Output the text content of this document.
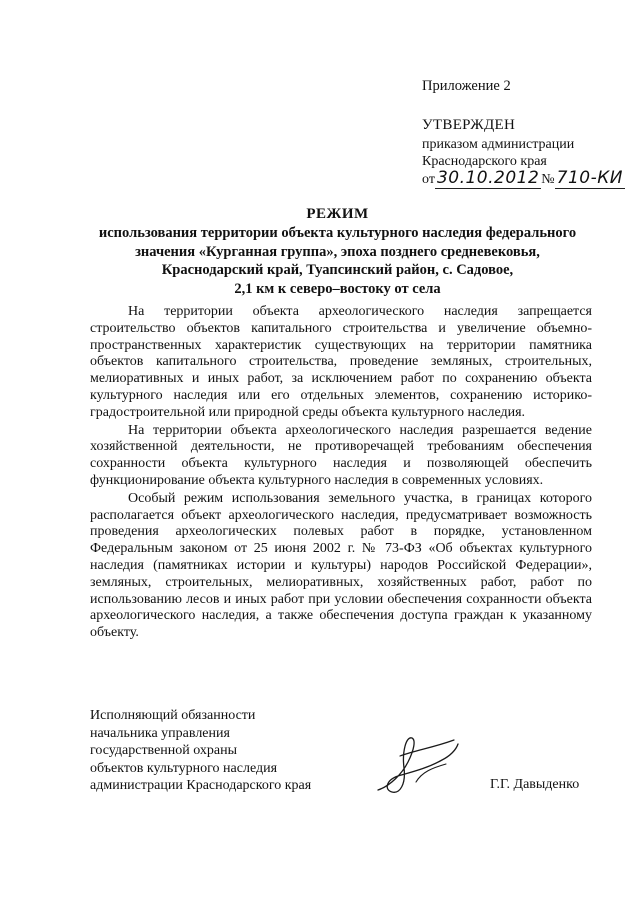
Приложение 2
УТВЕРЖДЕН
приказом администрации
Краснодарского края
от 30.10.2012 № 710-КИ
РЕЖИМ
использования территории объекта культурного наследия федерального
значения «Курганная группа», эпоха позднего средневековья,
Краснодарский край, Туапсинский район, с. Садовое,
2,1 км к северо–востоку от села

На территории объекта археологического наследия запрещается строительство объектов капитального строительства и увеличение объемно-пространственных характеристик существующих на территории памятника объектов капитального строительства, проведение земляных, строительных, мелиоративных и иных работ, за исключением работ по сохранению объекта культурного наследия или его отдельных элементов, сохранению историко-градостроительной или природной среды объекта культурного наследия.

На территории объекта археологического наследия разрешается ведение хозяйственной деятельности, не противоречащей требованиям обеспечения сохранности объекта культурного наследия и позволяющей обеспечить функционирование объекта культурного наследия в современных условиях.

Особый режим использования земельного участка, в границах которого располагается объект археологического наследия, предусматривает возможность проведения археологических полевых работ в порядке, установленном Федеральным законом от 25 июня 2002 г. № 73-ФЗ «Об объектах культурного наследия (памятниках истории и культуры) народов Российской Федерации», земляных, строительных, мелиоративных, хозяйственных работ, работ по использованию лесов и иных работ при условии обеспечения сохранности объекта археологического наследия, а также обеспечения доступа граждан к указанному объекту.

Исполняющий обязанности
начальника управления
государственной охраны
объектов культурного наследия
администрации Краснодарского края	Г.Г. Давыденко
